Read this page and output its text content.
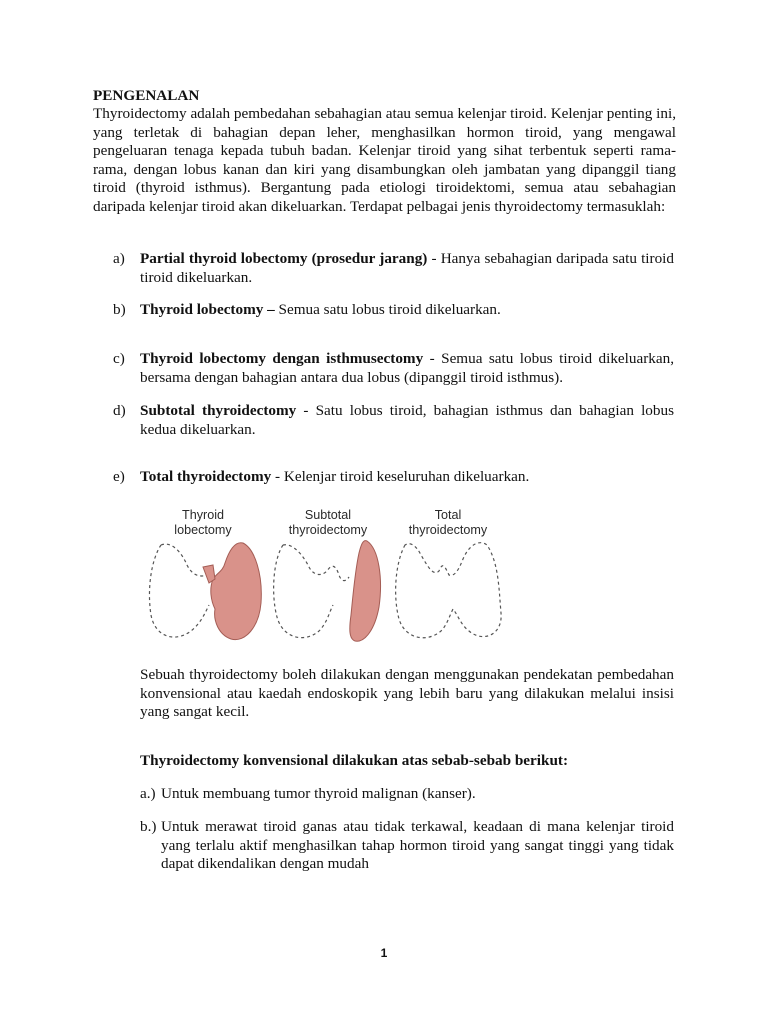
PENGENALAN

Thyroidectomy adalah pembedahan sebahagian atau semua kelenjar tiroid. Kelenjar penting ini, yang terletak di bahagian depan leher, menghasilkan hormon tiroid, yang mengawal pengeluaran tenaga kepada tubuh badan. Kelenjar tiroid yang sihat terbentuk seperti rama-rama, dengan lobus kanan dan kiri yang disambungkan oleh jambatan yang dipanggil tiang tiroid (thyroid isthmus). Bergantung pada etiologi tiroidektomi, semua atau sebahagian daripada kelenjar tiroid akan dikeluarkan. Terdapat pelbagai jenis thyroidectomy termasuklah:

a) Partial thyroid lobectomy (prosedur jarang) - Hanya sebahagian daripada satu tiroid tiroid dikeluarkan.
b) Thyroid lobectomy – Semua satu lobus tiroid dikeluarkan.
c) Thyroid lobectomy dengan isthmusectomy - Semua satu lobus tiroid dikeluarkan, bersama dengan bahagian antara dua lobus (dipanggil tiroid isthmus).
d) Subtotal thyroidectomy - Satu lobus tiroid, bahagian isthmus dan bahagian lobus kedua dikeluarkan.
e) Total thyroidectomy - Kelenjar tiroid keseluruhan dikeluarkan.
Thyroid
lobectomy
Subtotal
thyroidectomy
Total
thyroidectomy
Sebuah thyroidectomy boleh dilakukan dengan menggunakan pendekatan pembedahan konvensional atau kaedah endoskopik yang lebih baru yang dilakukan melalui insisi yang sangat kecil.
Thyroidectomy konvensional dilakukan atas sebab-sebab berikut:
a.) Untuk membuang tumor thyroid malignan (kanser).
b.) Untuk merawat tiroid ganas atau tidak terkawal, keadaan di mana kelenjar tiroid yang terlalu aktif menghasilkan tahap hormon tiroid yang sangat tinggi yang tidak dapat dikendalikan dengan mudah
1
